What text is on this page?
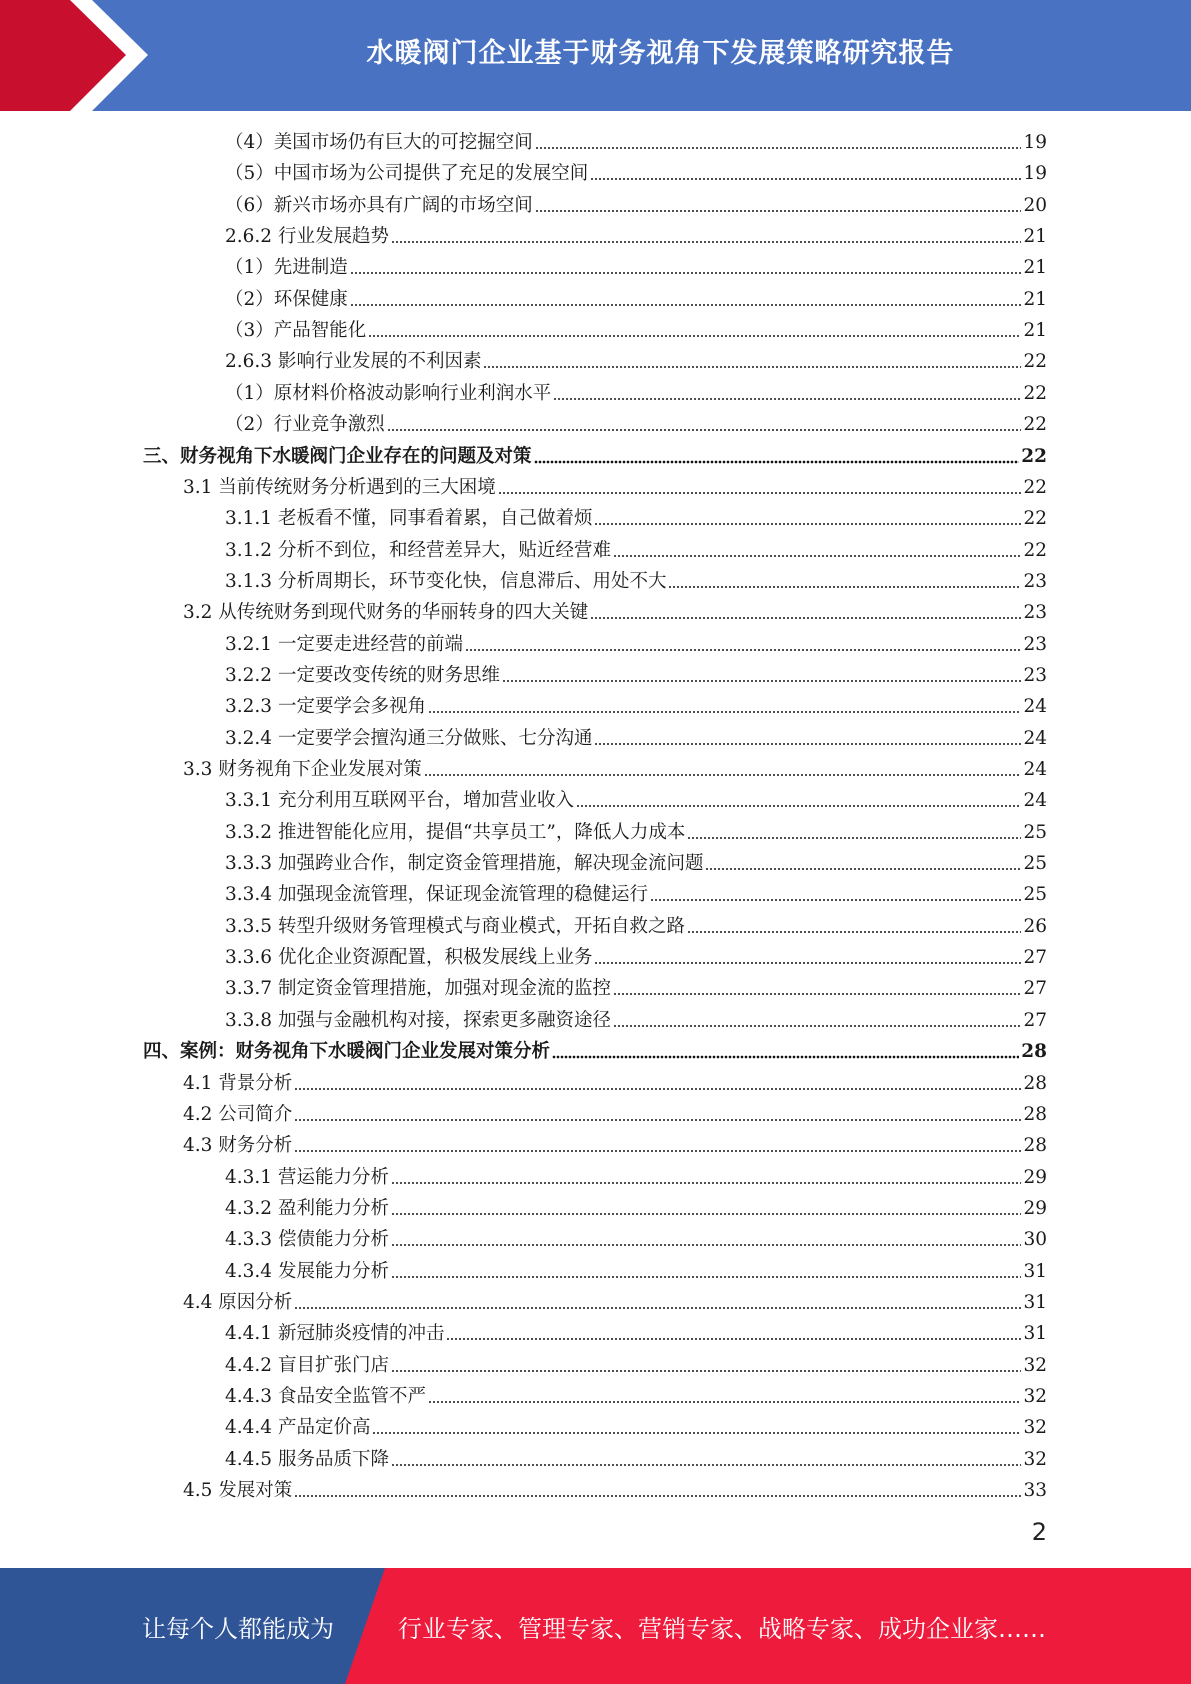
水暖阀门企业基于财务视角下发展策略研究报告
（4）美国市场仍有巨大的可挖掘空间	19
（5）中国市场为公司提供了充足的发展空间	19
（6）新兴市场亦具有广阔的市场空间	20
2.6.2 行业发展趋势	21
（1）先进制造	21
（2）环保健康	21
（3）产品智能化	21
2.6.3 影响行业发展的不利因素	22
（1）原材料价格波动影响行业利润水平	22
（2）行业竞争激烈	22
三、财务视角下水暖阀门企业存在的问题及对策	22
3.1 当前传统财务分析遇到的三大困境	22
3.1.1 老板看不懂，同事看着累，自己做着烦	22
3.1.2 分析不到位，和经营差异大，贴近经营难	22
3.1.3 分析周期长，环节变化快，信息滞后、用处不大	23
3.2 从传统财务到现代财务的华丽转身的四大关键	23
3.2.1 一定要走进经营的前端	23
3.2.2 一定要改变传统的财务思维	23
3.2.3 一定要学会多视角	24
3.2.4 一定要学会擅沟通三分做账、七分沟通	24
3.3 财务视角下企业发展对策	24
3.3.1 充分利用互联网平台，增加营业收入	24
3.3.2 推进智能化应用，提倡“共享员工”，降低人力成本	25
3.3.3 加强跨业合作，制定资金管理措施，解决现金流问题	25
3.3.4 加强现金流管理，保证现金流管理的稳健运行	25
3.3.5 转型升级财务管理模式与商业模式，开拓自救之路	26
3.3.6 优化企业资源配置，积极发展线上业务	27
3.3.7 制定资金管理措施，加强对现金流的监控	27
3.3.8 加强与金融机构对接，探索更多融资途径	27
四、案例：财务视角下水暖阀门企业发展对策分析	28
4.1 背景分析	28
4.2 公司简介	28
4.3 财务分析	28
4.3.1 营运能力分析	29
4.3.2 盈利能力分析	29
4.3.3 偿债能力分析	30
4.3.4 发展能力分析	31
4.4 原因分析	31
4.4.1 新冠肺炎疫情的冲击	31
4.4.2 盲目扩张门店	32
4.4.3 食品安全监管不严	32
4.4.4 产品定价高	32
4.4.5 服务品质下降	32
4.5 发展对策	33
2
让每个人都能成为	行业专家、管理专家、营销专家、战略专家、成功企业家……
